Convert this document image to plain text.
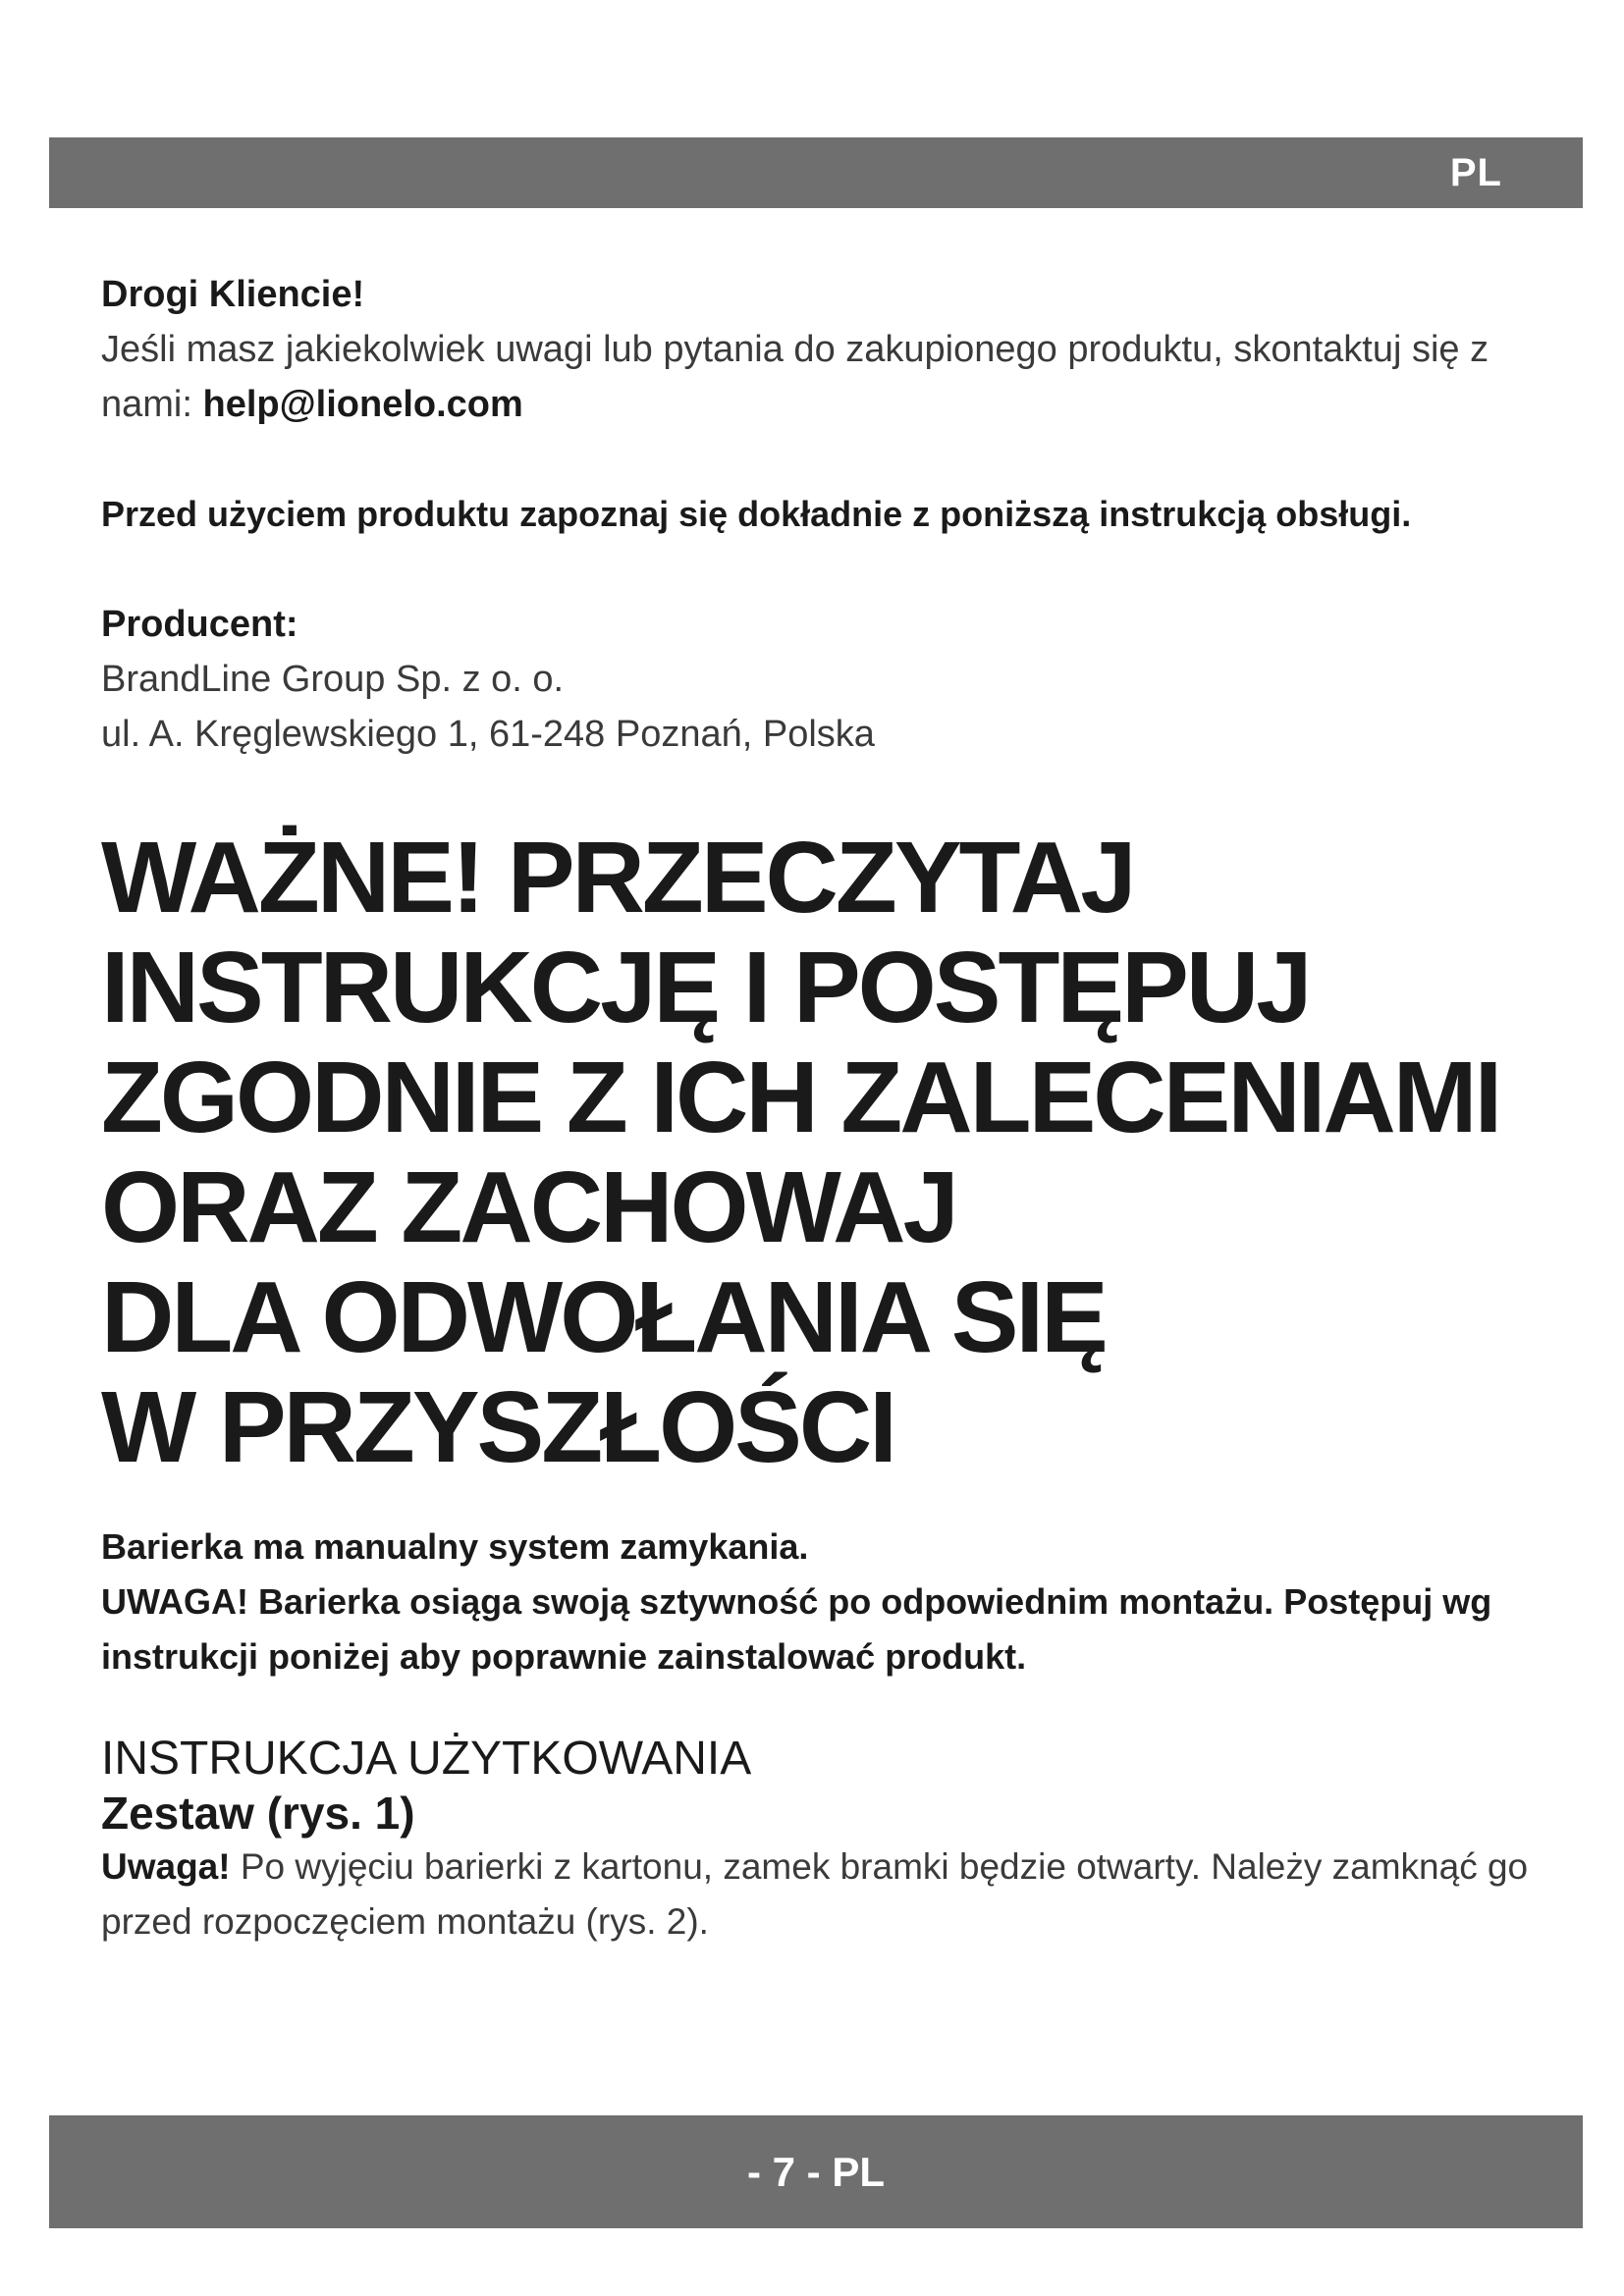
PL

Drogi Kliencie!

Jeśli masz jakiekolwiek uwagi lub pytania do zakupionego produktu, skontaktuj się z nami: help@lionelo.com

Przed użyciem produktu zapoznaj się dokładnie z poniższą instrukcją obsługi.

Producent:

BrandLine Group Sp. z o. o.

ul. A. Kręglewskiego 1, 61-248 Poznań, Polska

WAŻNE! PRZECZYTAJ
INSTRUKCJĘ I POSTĘPUJ
ZGODNIE Z ICH ZALECENIAMI
ORAZ ZACHOWAJ
DLA ODWOŁANIA SIĘ
W PRZYSZŁOŚCI

Barierka ma manualny system zamykania.

UWAGA! Barierka osiąga swoją sztywność po odpowiednim montażu. Postępuj wg instrukcji poniżej aby poprawnie zainstalować produkt.

INSTRUKCJA UŻYTKOWANIA
Zestaw (rys. 1)

Uwaga! Po wyjęciu barierki z kartonu, zamek bramki będzie otwarty. Należy zamknąć go przed rozpoczęciem montażu (rys. 2).

- 7 - PL
